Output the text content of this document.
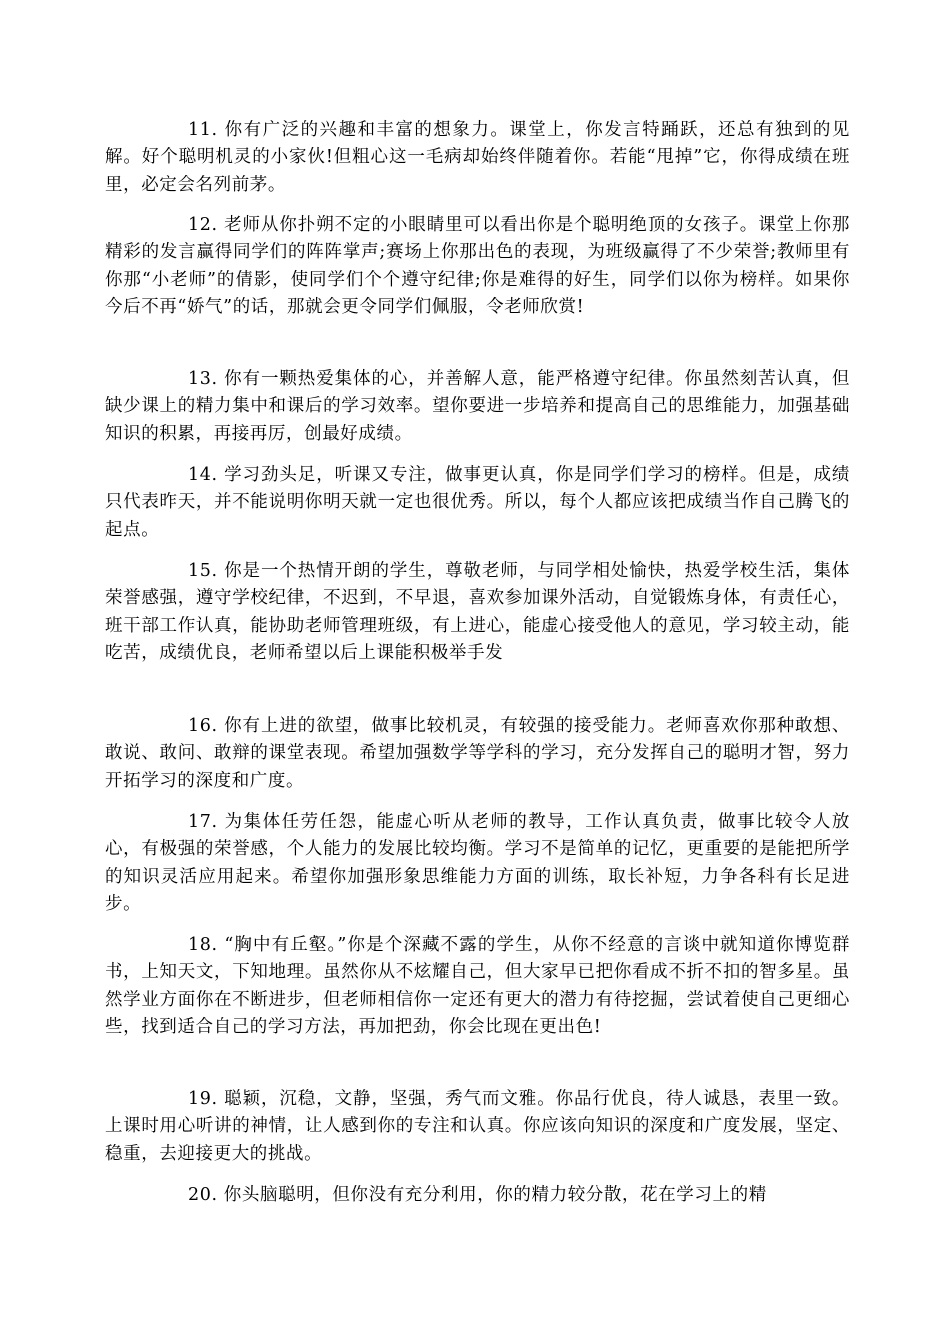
11. 你有广泛的兴趣和丰富的想象力。课堂上，你发言特踊跃，还总有独到的见解。好个聪明机灵的小家伙!但粗心这一毛病却始终伴随着你。若能“甩掉”它，你得成绩在班里，必定会名列前茅。

12. 老师从你扑朔不定的小眼睛里可以看出你是个聪明绝顶的女孩子。课堂上你那精彩的发言赢得同学们的阵阵掌声;赛场上你那出色的表现，为班级赢得了不少荣誉;教师里有你那“小老师”的倩影，使同学们个个遵守纪律;你是难得的好生，同学们以你为榜样。如果你今后不再“娇气”的话，那就会更令同学们佩服，令老师欣赏!

13. 你有一颗热爱集体的心，并善解人意，能严格遵守纪律。你虽然刻苦认真，但缺少课上的精力集中和课后的学习效率。望你要进一步培养和提高自己的思维能力，加强基础知识的积累，再接再厉，创最好成绩。

14. 学习劲头足，听课又专注，做事更认真，你是同学们学习的榜样。但是，成绩只代表昨天，并不能说明你明天就一定也很优秀。所以，每个人都应该把成绩当作自己腾飞的起点。

15. 你是一个热情开朗的学生，尊敬老师，与同学相处愉快，热爱学校生活，集体荣誉感强，遵守学校纪律，不迟到，不早退，喜欢参加课外活动，自觉锻炼身体，有责任心，班干部工作认真，能协助老师管理班级，有上进心，能虚心接受他人的意见，学习较主动，能吃苦，成绩优良，老师希望以后上课能积极举手发

16. 你有上进的欲望，做事比较机灵，有较强的接受能力。老师喜欢你那种敢想、敢说、敢问、敢辩的课堂表现。希望加强数学等学科的学习，充分发挥自己的聪明才智，努力开拓学习的深度和广度。

17. 为集体任劳任怨，能虚心听从老师的教导，工作认真负责，做事比较令人放心，有极强的荣誉感，个人能力的发展比较均衡。学习不是简单的记忆，更重要的是能把所学的知识灵活应用起来。希望你加强形象思维能力方面的训练，取长补短，力争各科有长足进步。

18. “胸中有丘壑。”你是个深藏不露的学生，从你不经意的言谈中就知道你博览群书，上知天文，下知地理。虽然你从不炫耀自己，但大家早已把你看成不折不扣的智多星。虽然学业方面你在不断进步，但老师相信你一定还有更大的潜力有待挖掘，尝试着使自己更细心些，找到适合自己的学习方法，再加把劲，你会比现在更出色!

19. 聪颖，沉稳，文静，坚强，秀气而文雅。你品行优良，待人诚恳，表里一致。上课时用心听讲的神情，让人感到你的专注和认真。你应该向知识的深度和广度发展，坚定、稳重，去迎接更大的挑战。

20. 你头脑聪明，但你没有充分利用，你的精力较分散，花在学习上的精
